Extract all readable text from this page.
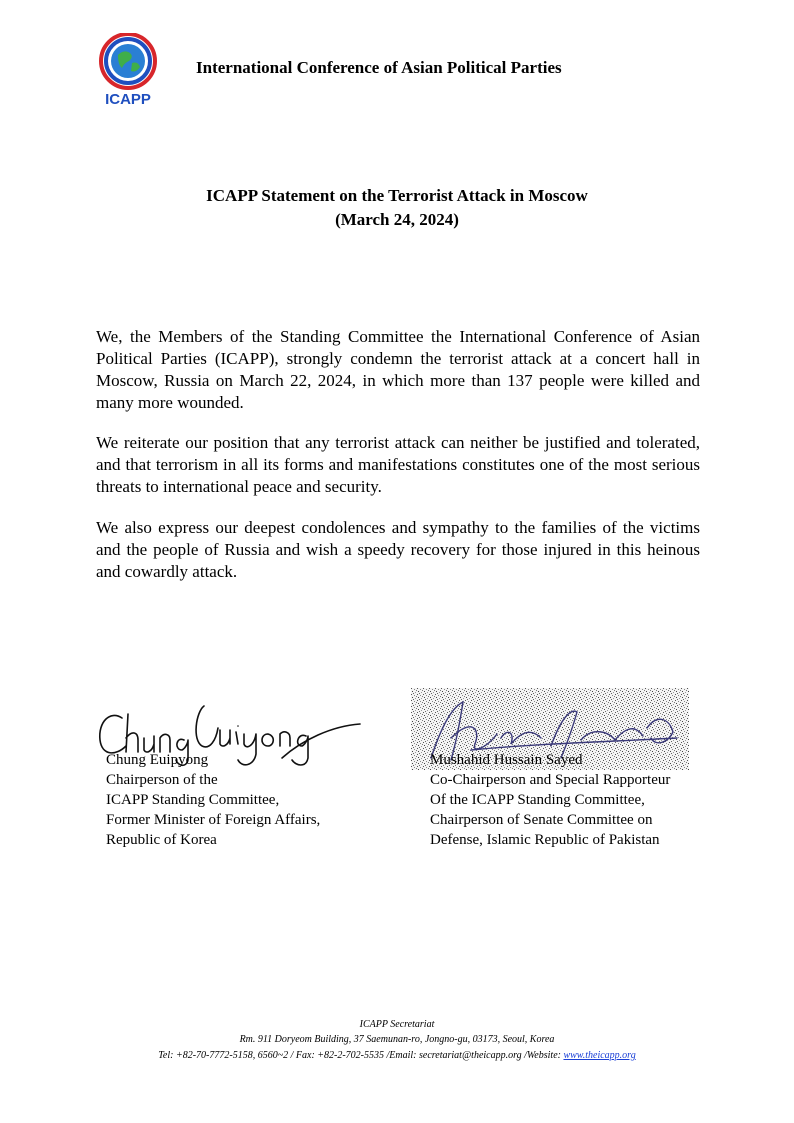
ICAPP
International Conference of Asian Political Parties
ICAPP Statement on the Terrorist Attack in Moscow
(March 24, 2024)

We, the Members of the Standing Committee the International Conference of Asian Political Parties (ICAPP), strongly condemn the terrorist attack at a concert hall in Moscow, Russia on March 22, 2024, in which more than 137 people were killed and many more wounded.

We reiterate our position that any terrorist attack can neither be justified and tolerated, and that terrorism in all its forms and manifestations constitutes one of the most serious threats to international peace and security.

We also express our deepest condolences and sympathy to the families of the victims and the people of Russia and wish a speedy recovery for those injured in this heinous and cowardly attack.

Chung Euipyong
Chairperson of the
ICAPP Standing Committee,
Former Minister of Foreign Affairs,
Republic of Korea
Mushahid Hussain Sayed
Co-Chairperson and Special Rapporteur
Of the ICAPP Standing Committee,
Chairperson of Senate Committee on
Defense, Islamic Republic of Pakistan
ICAPP Secretariat
Rm. 911 Doryeom Building, 37 Saemunan-ro, Jongno-gu, 03173, Seoul, Korea
Tel: +82-70-7772-5158, 6560~2 / Fax: +82-2-702-5535 /Email: secretariat@theicapp.org /Website: www.theicapp.org
